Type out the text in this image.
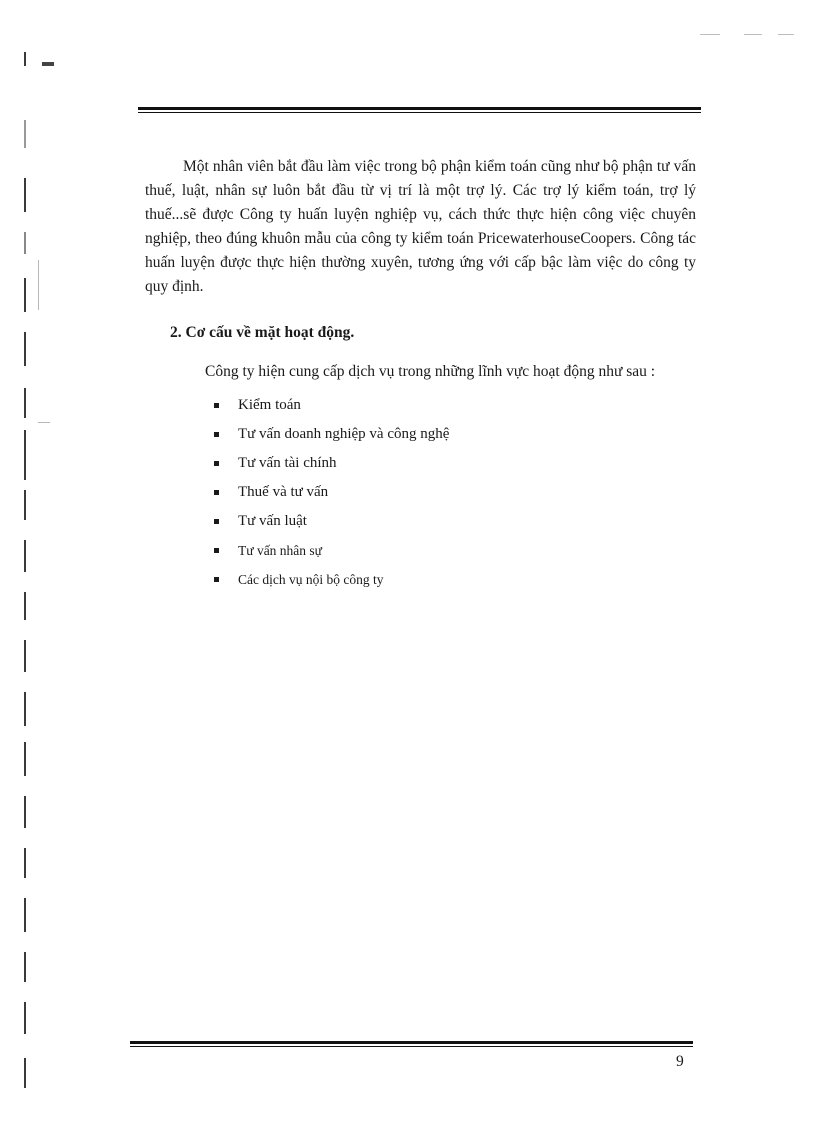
Một nhân viên bắt đầu làm việc trong bộ phận kiểm toán cũng như bộ phận tư vấn thuế, luật, nhân sự luôn bắt đầu từ vị trí là một trợ lý. Các trợ lý kiểm toán, trợ lý thuế...sẽ được Công ty huấn luyện nghiệp vụ, cách thức thực hiện công việc chuyên nghiệp, theo đúng khuôn mẫu của công ty kiểm toán PricewaterhouseCoopers. Công tác huấn luyện được thực hiện thường xuyên, tương ứng với cấp bậc làm việc do công ty quy định.

2. Cơ cấu về mặt hoạt động.
Công ty hiện cung cấp dịch vụ trong những lĩnh vực hoạt động như sau :
Kiểm toán
Tư vấn doanh nghiệp và công nghệ
Tư vấn tài chính
Thuế và tư vấn
Tư vấn luật
Tư vấn nhân sự
Các dịch vụ nội bộ công ty
9
